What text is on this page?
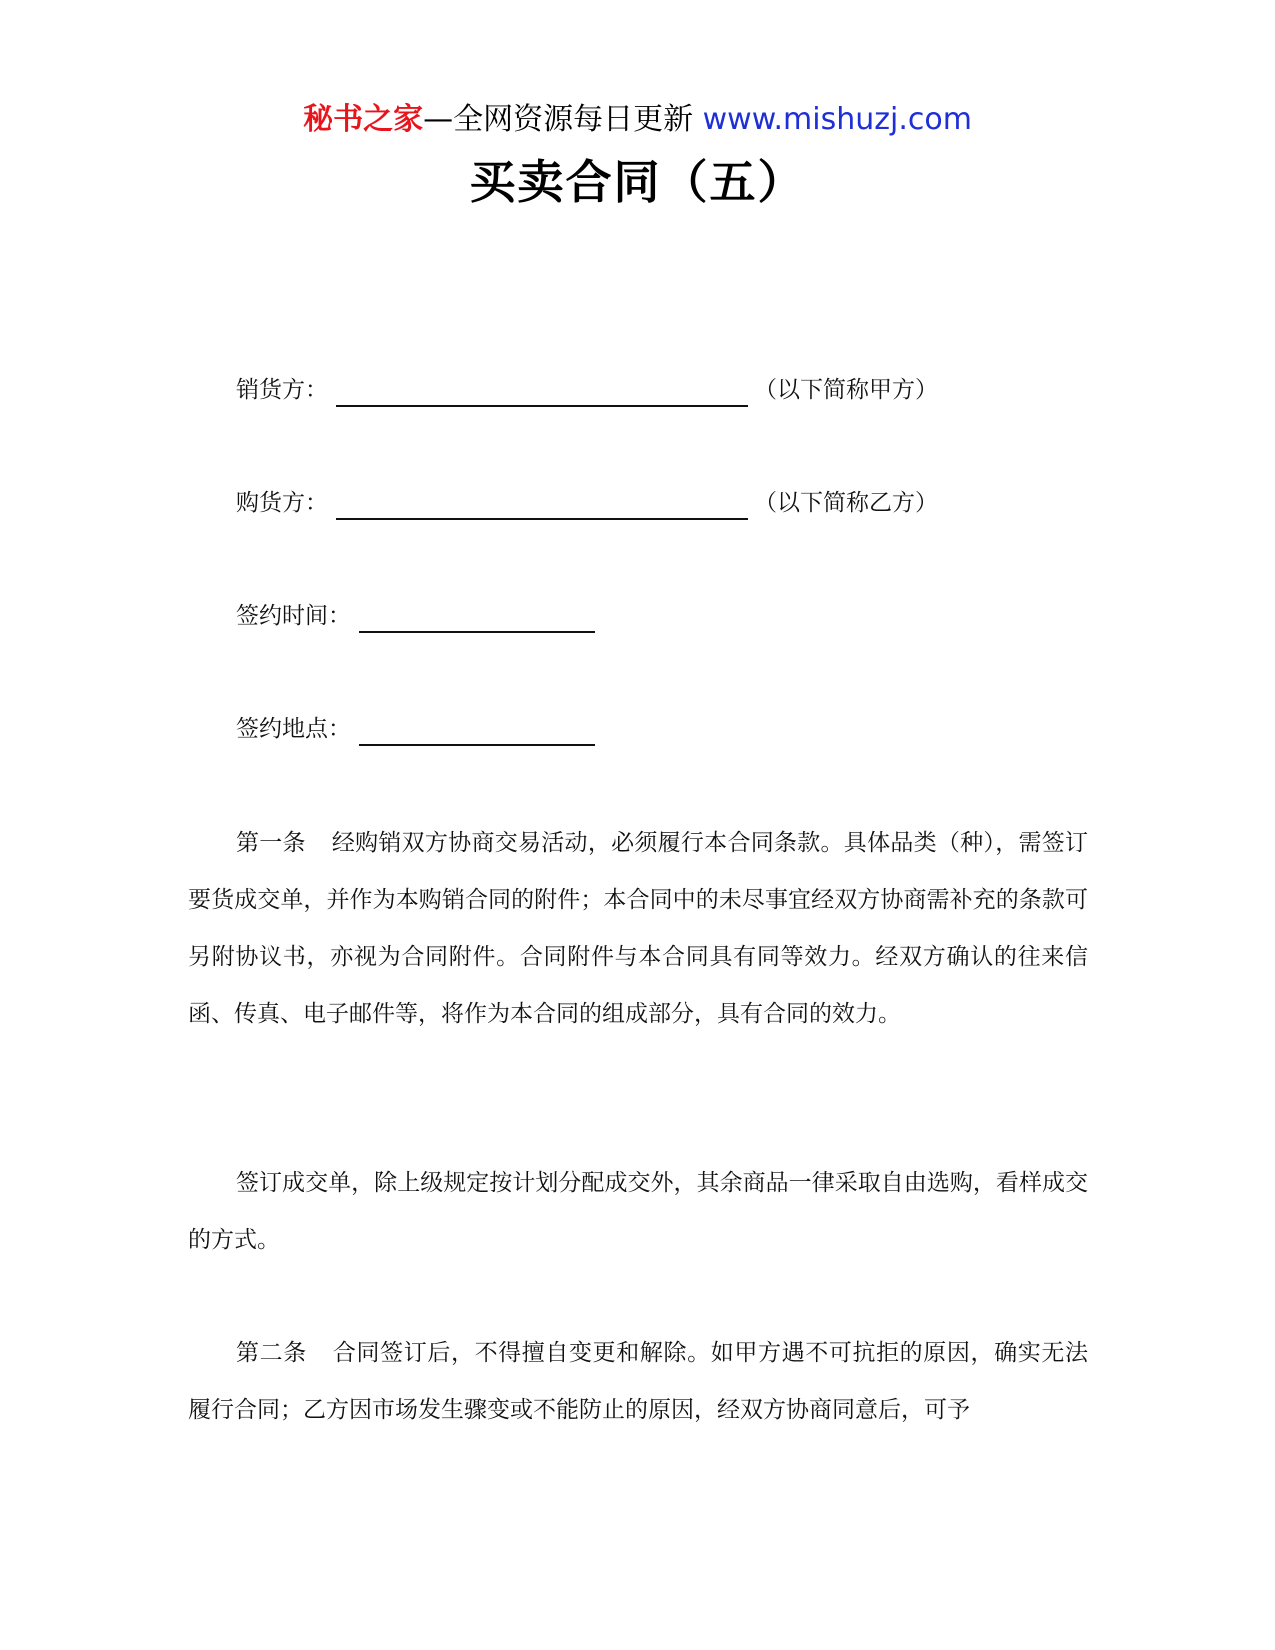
秘书之家—全网资源每日更新 www.mishuzj.com
买卖合同（五）
销货方：	（以下简称甲方）
购货方：	（以下简称乙方）
签约时间：
签约地点：
第一条 经购销双方协商交易活动，必须履行本合同条款。具体品类（种），需签订要货成交单，并作为本购销合同的附件；本合同中的未尽事宜经双方协商需补充的条款可另附协议书，亦视为合同附件。合同附件与本合同具有同等效力。经双方确认的往来信函、传真、电子邮件等，将作为本合同的组成部分，具有合同的效力。
签订成交单，除上级规定按计划分配成交外，其余商品一律采取自由选购，看样成交的方式。
第二条 合同签订后，不得擅自变更和解除。如甲方遇不可抗拒的原因，确实无法履行合同；乙方因市场发生骤变或不能防止的原因，经双方协商同意后，可予
